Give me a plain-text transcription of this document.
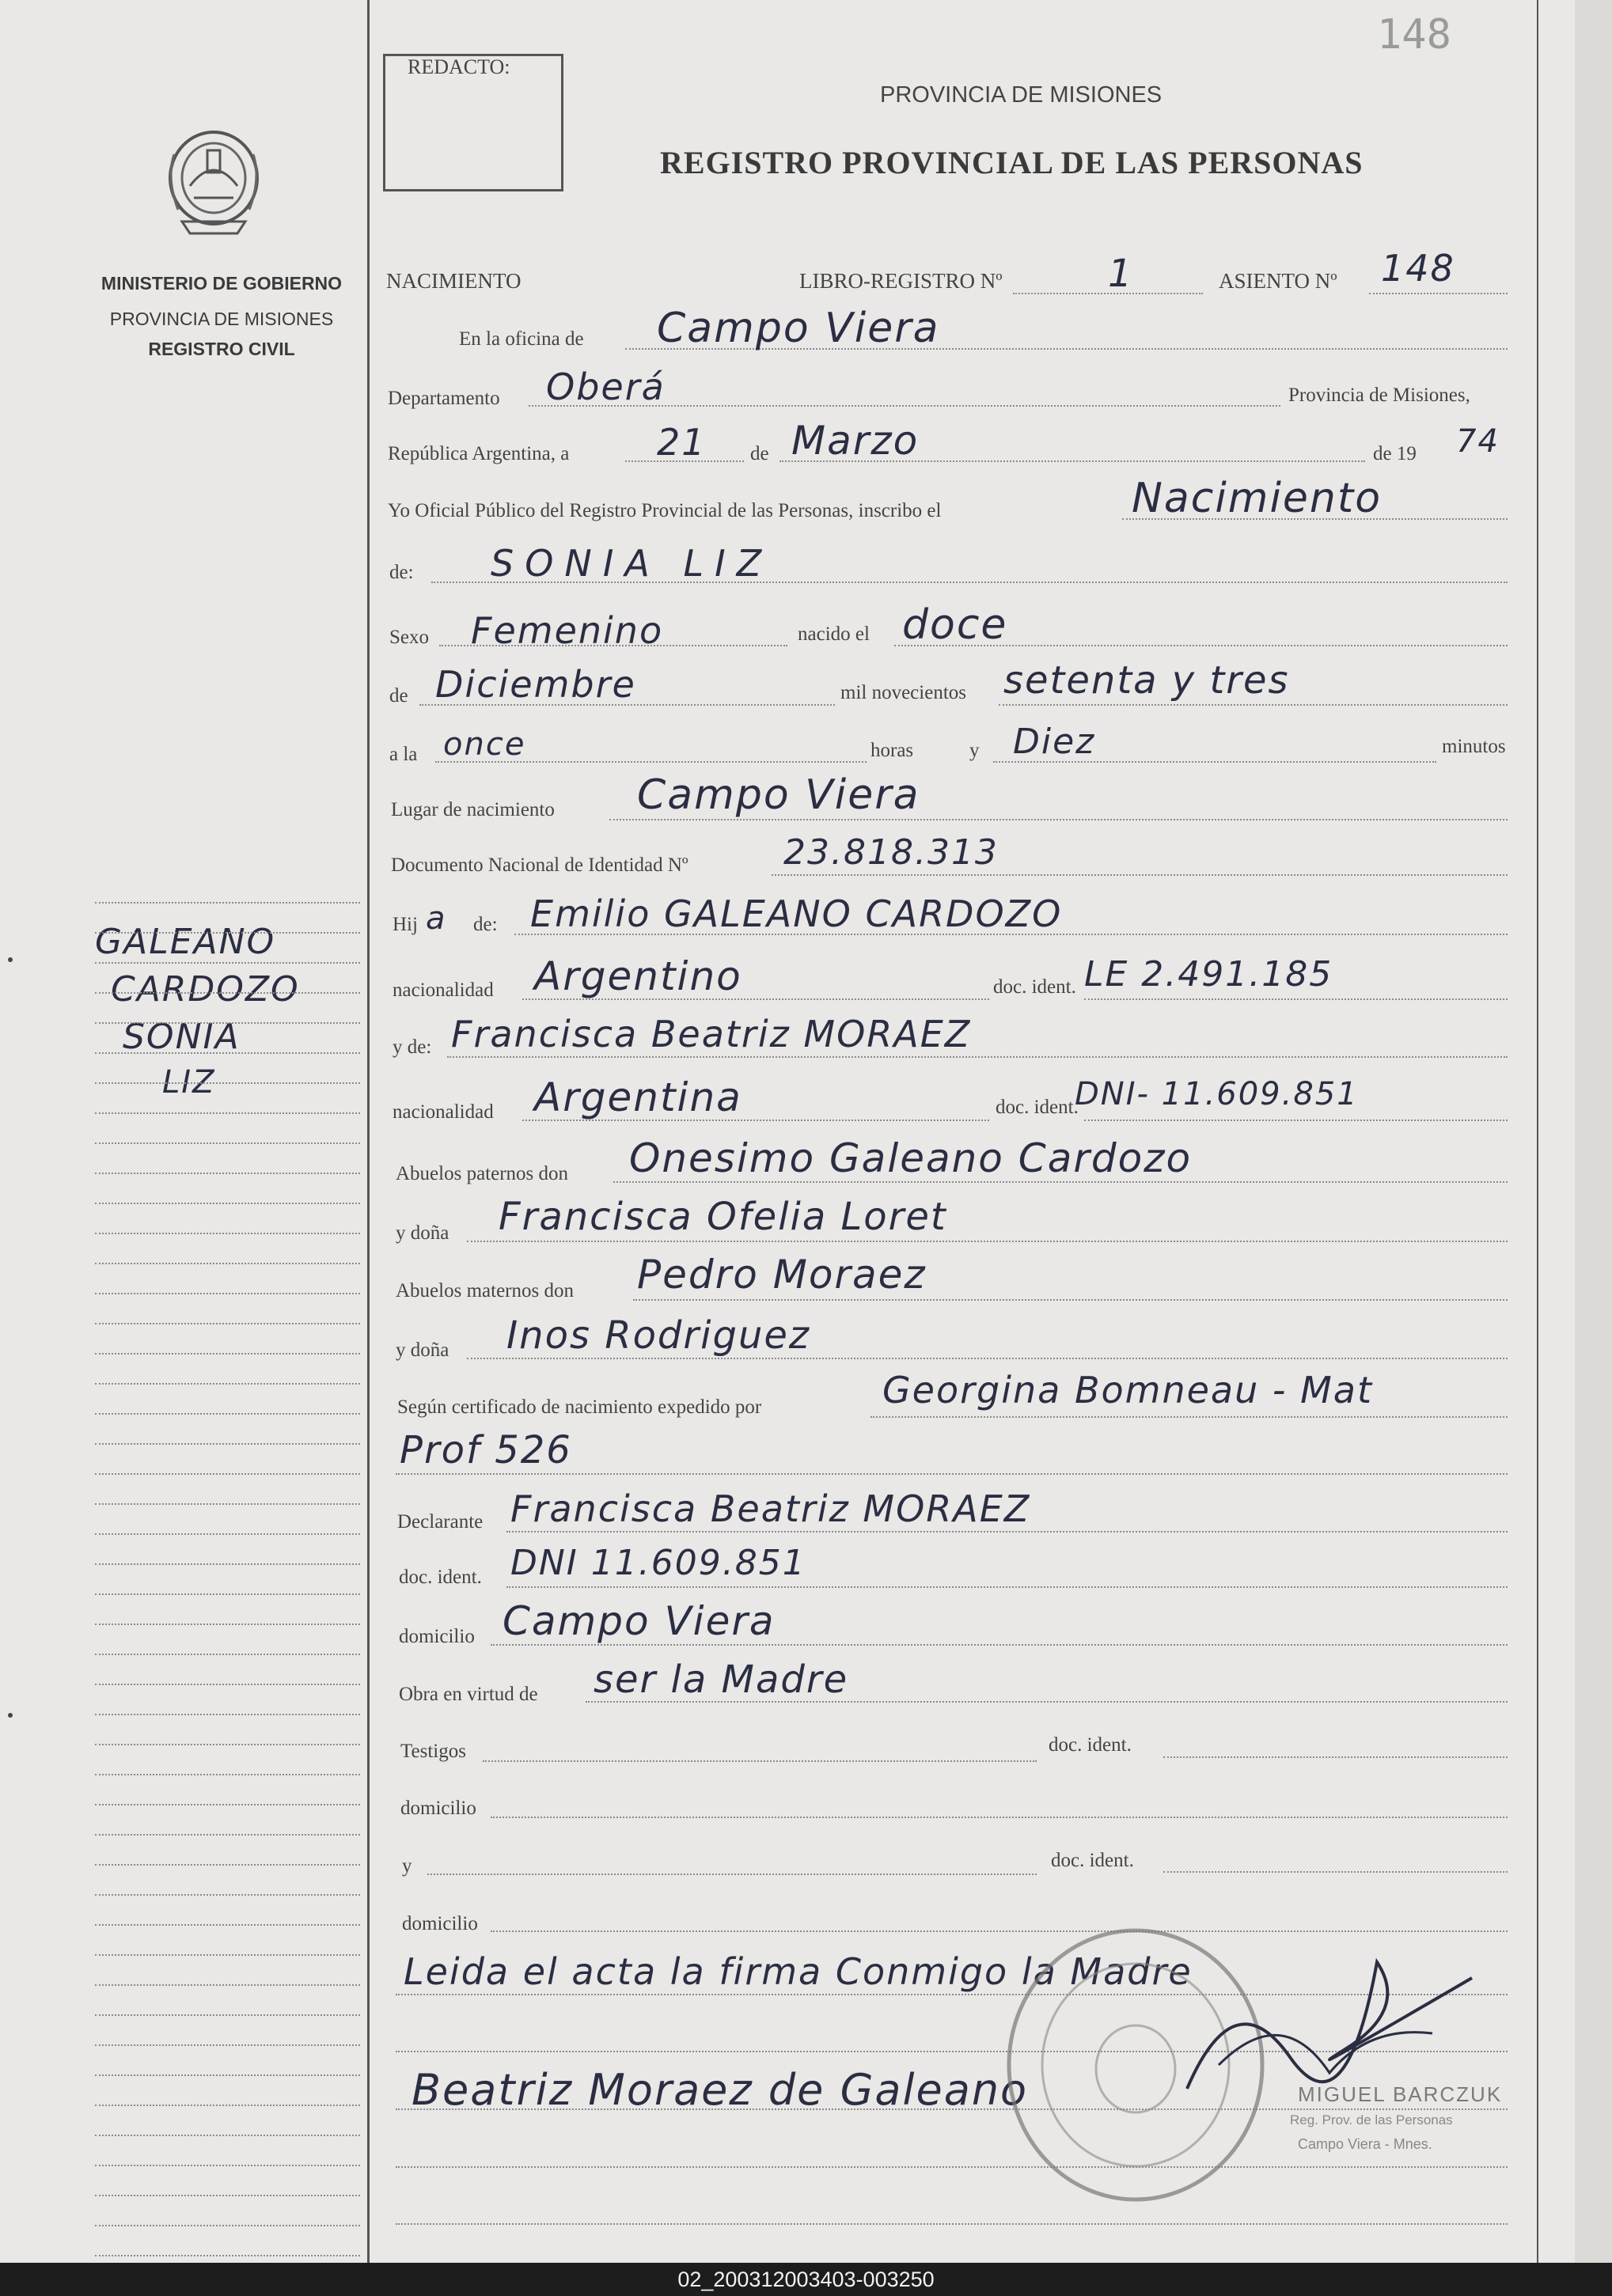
148
MINISTERIO DE GOBIERNO
PROVINCIA DE MISIONES
REGISTRO CIVIL
GALEANO
CARDOZO
SONIA
LIZ
REDACTO:
PROVINCIA DE MISIONES
REGISTRO PROVINCIAL DE LAS PERSONAS
NACIMIENTO	LIBRO-REGISTRO Nº	1	ASIENTO Nº 148
En la oficina de Campo Viera
Departamento Oberá	Provincia de Misiones,
República Argentina, a 21 de Marzo	de 19 74
Yo Oficial Público del Registro Provincial de las Personas, inscribo el	Nacimiento
de: SONIA LIZ
Sexo Femenino	nacido el doce
de Diciembre	mil novecientos setenta y tres
a la once	horas	y Diez	minutos
Lugar de nacimiento Campo Viera
Documento Nacional de Identidad Nº	23.818.313
Hij a de: Emilio GALEANO CARDOZO
nacionalidad Argentino	doc. ident. LE 2.491.185
y de: Francisca Beatriz MORAEZ
nacionalidad Argentina	doc. ident.
DNI- 11.609.851
Abuelos paternos don Onesimo Galeano Cardozo
y doña Francisca Ofelia Loret
Abuelos maternos don Pedro Moraez
y doña Inos Rodriguez
Según certificado de nacimiento expedido por	Georgina Bomneau - Mat
Prof 526
Declarante Francisca Beatriz MORAEZ
doc. ident. DNI 11.609.851
domicilio Campo Viera
Obra en virtud de ser la Madre
Testigos	doc. ident.
domicilio
y	doc. ident.
domicilio
Leida el acta la firma Conmigo la Madre
Beatriz Moraez de Galeano	MIGUEL BARCZUK
Reg. Prov. de las Personas
Campo Viera - Mnes.
02_200312003403-003250
